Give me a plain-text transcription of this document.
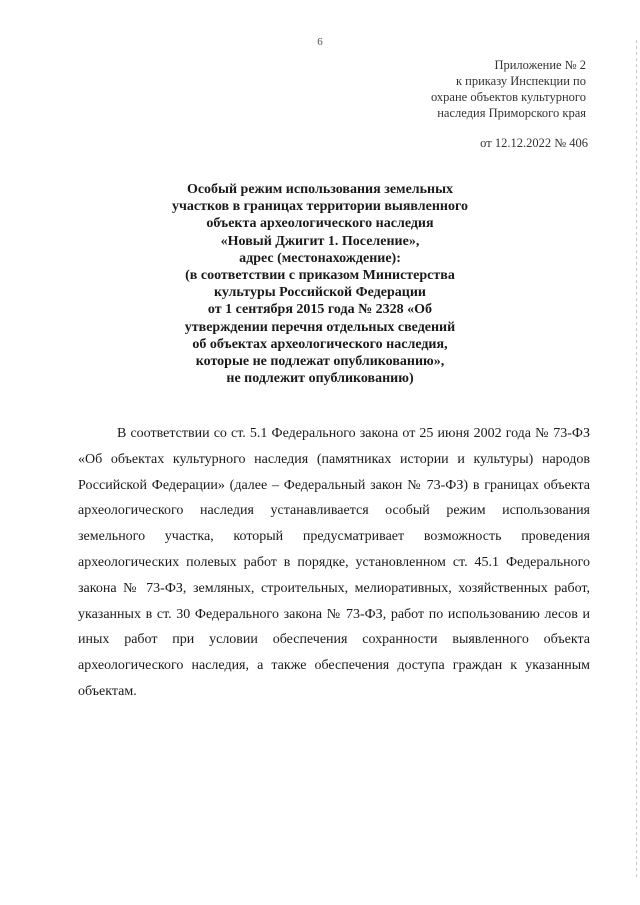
6
Приложение № 2
к приказу Инспекции по
охране объектов культурного
наследия Приморского края
от 12.12.2022 № 406
Особый режим использования земельных
участков в границах территории выявленного
объекта археологического наследия
«Новый Джигит 1. Поселение»,
адрес (местонахождение):
(в соответствии с приказом Министерства
культуры Российской Федерации
от 1 сентября 2015 года № 2328 «Об
утверждении перечня отдельных сведений
об объектах археологического наследия,
которые не подлежат опубликованию»,
не подлежит опубликованию)

В соответствии со ст. 5.1 Федерального закона от 25 июня 2002 года № 73-ФЗ «Об объектах культурного наследия (памятниках истории и культуры) народов Российской Федерации» (далее – Федеральный закон № 73-ФЗ) в границах объекта археологического наследия устанавливается особый режим использования земельного участка, который предусматривает возможность проведения археологических полевых работ в порядке, установленном ст. 45.1 Федерального закона № 73-ФЗ, земляных, строительных, мелиоративных, хозяйственных работ, указанных в ст. 30 Федерального закона № 73-ФЗ, работ по использованию лесов и иных работ при условии обеспечения сохранности выявленного объекта археологического наследия, а также обеспечения доступа граждан к указанным объектам.
